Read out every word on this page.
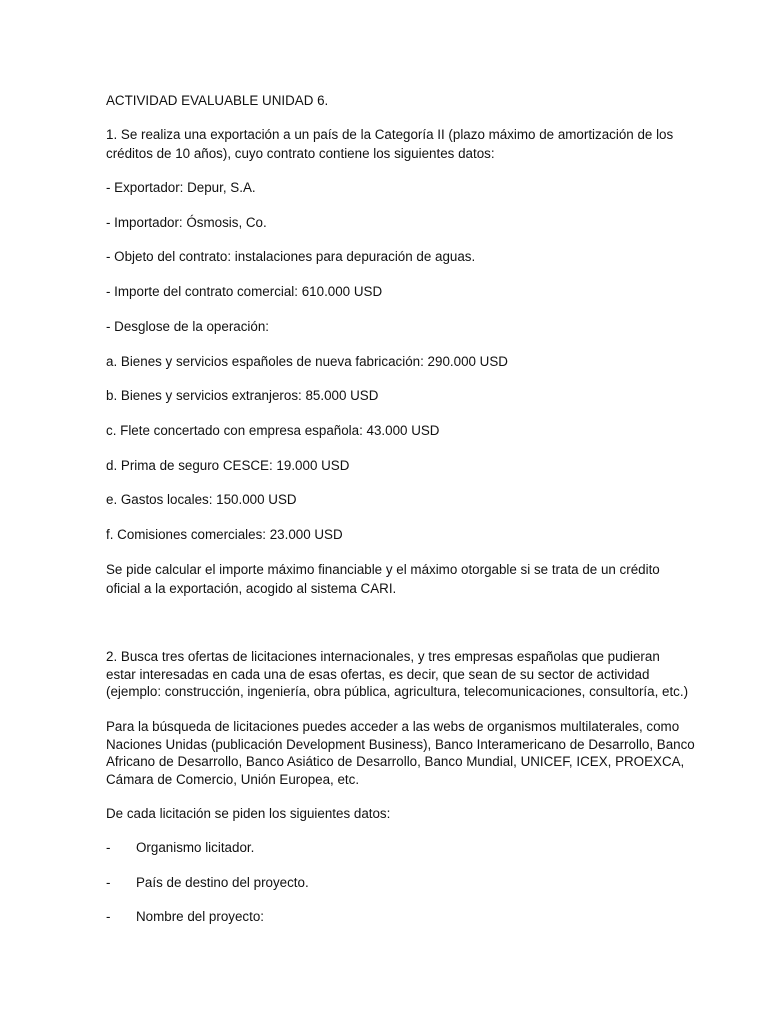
ACTIVIDAD EVALUABLE UNIDAD 6.
1. Se realiza una exportación a un país de la Categoría II (plazo máximo de amortización de los
créditos de 10 años), cuyo contrato contiene los siguientes datos:
- Exportador: Depur, S.A.
- Importador: Ósmosis, Co.
- Objeto del contrato: instalaciones para depuración de aguas.
- Importe del contrato comercial: 610.000 USD
- Desglose de la operación:
a. Bienes y servicios españoles de nueva fabricación: 290.000 USD
b. Bienes y servicios extranjeros: 85.000 USD
c. Flete concertado con empresa española: 43.000 USD
d. Prima de seguro CESCE: 19.000 USD
e. Gastos locales: 150.000 USD
f. Comisiones comerciales: 23.000 USD
Se pide calcular el importe máximo financiable y el máximo otorgable si se trata de un crédito
oficial a la exportación, acogido al sistema CARI.
2. Busca tres ofertas de licitaciones internacionales, y tres empresas españolas que pudieran
estar interesadas en cada una de esas ofertas, es decir, que sean de su sector de actividad
(ejemplo: construcción, ingeniería, obra pública, agricultura, telecomunicaciones, consultoría, etc.)
Para la búsqueda de licitaciones puedes acceder a las webs de organismos multilaterales, como
Naciones Unidas (publicación Development Business), Banco Interamericano de Desarrollo, Banco
Africano de Desarrollo, Banco Asiático de Desarrollo, Banco Mundial, UNICEF, ICEX, PROEXCA,
Cámara de Comercio, Unión Europea, etc.
De cada licitación se piden los siguientes datos:
- Organismo licitador.
- País de destino del proyecto.
- Nombre del proyecto:
